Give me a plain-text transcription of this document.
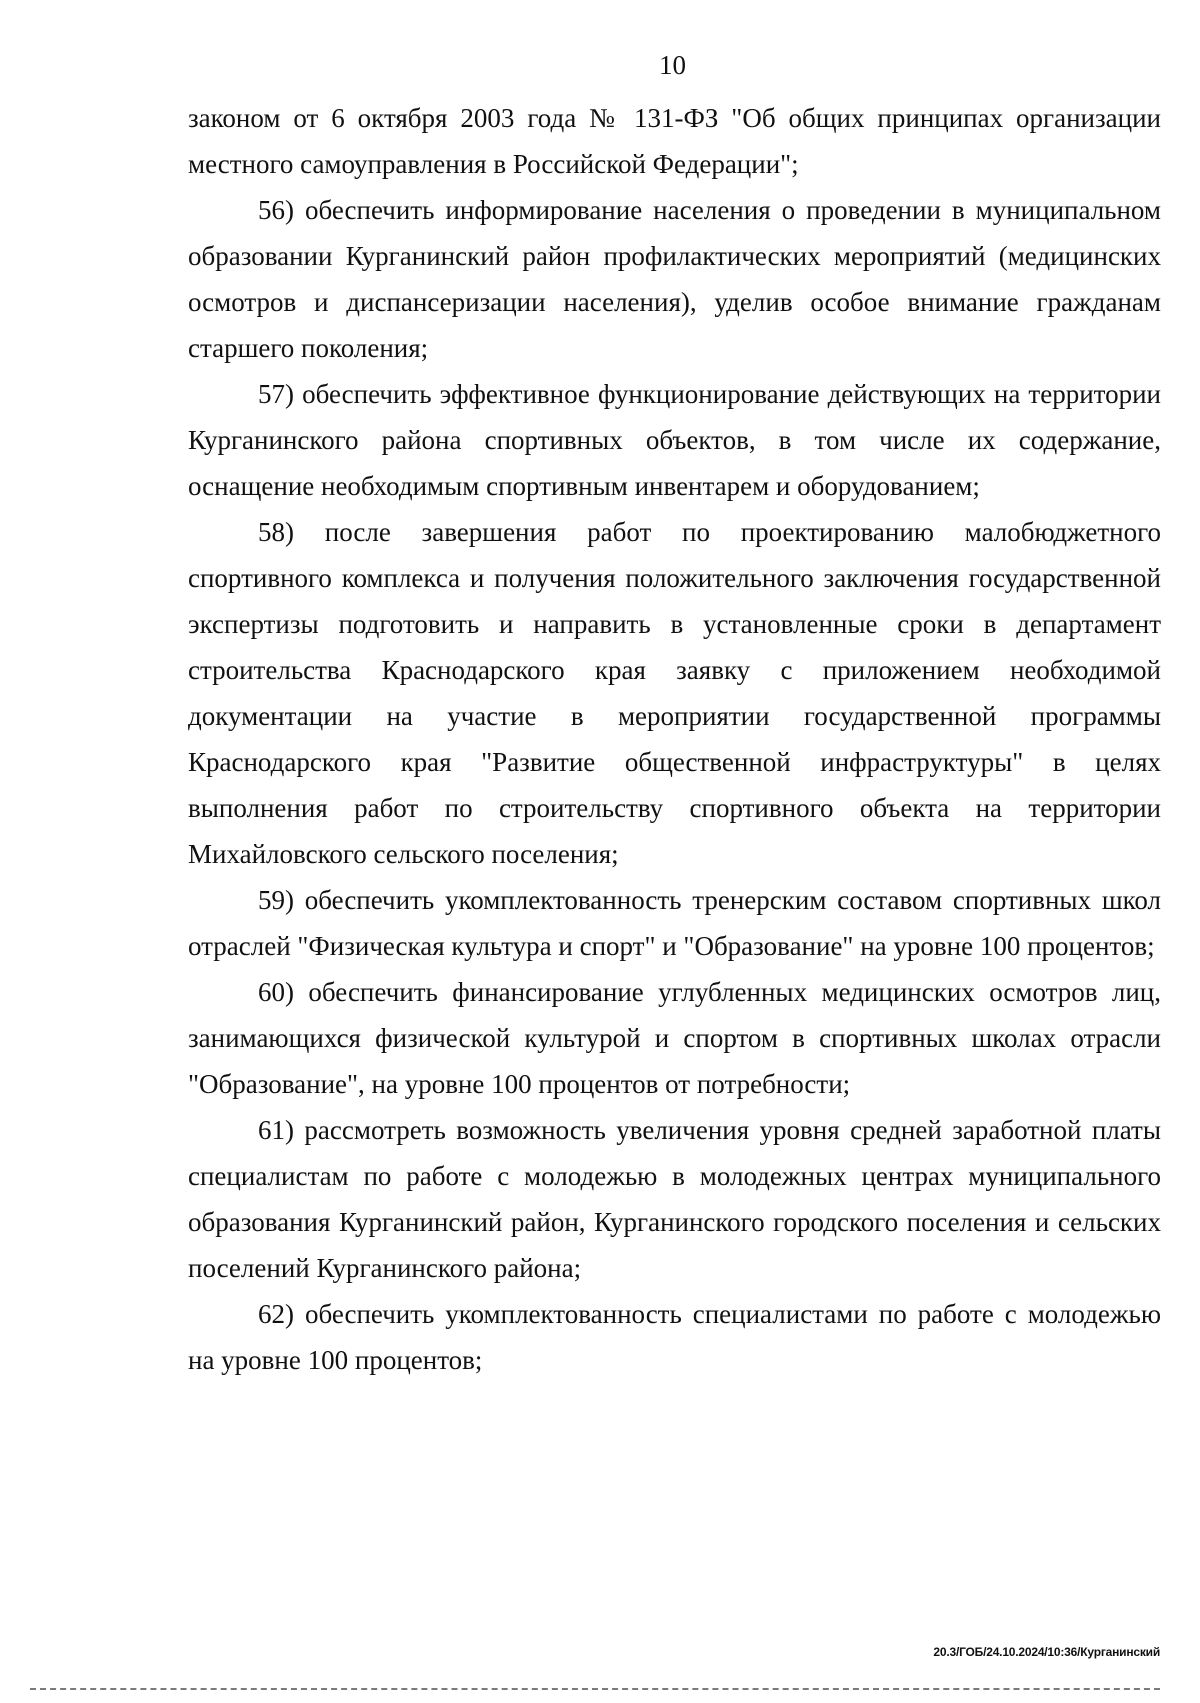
10

законом от 6 октября 2003 года № 131-ФЗ "Об общих принципах организации местного самоуправления в Российской Федерации";

56) обеспечить информирование населения о проведении в муниципальном образовании Курганинский район профилактических мероприятий (медицинских осмотров и диспансеризации населения), уделив особое внимание гражданам старшего поколения;

57) обеспечить эффективное функционирование действующих на территории Курганинского района спортивных объектов, в том числе их содержание, оснащение необходимым спортивным инвентарем и оборудованием;

58) после завершения работ по проектированию малобюджетного спортивного комплекса и получения положительного заключения государственной экспертизы подготовить и направить в установленные сроки в департамент строительства Краснодарского края заявку с приложением необходимой документации на участие в мероприятии государственной программы Краснодарского края "Развитие общественной инфраструктуры" в целях выполнения работ по строительству спортивного объекта на территории Михайловского сельского поселения;

59) обеспечить укомплектованность тренерским составом спортивных школ отраслей "Физическая культура и спорт" и "Образование" на уровне 100 процентов;

60) обеспечить финансирование углубленных медицинских осмотров лиц, занимающихся физической культурой и спортом в спортивных школах отрасли "Образование", на уровне 100 процентов от потребности;

61) рассмотреть возможность увеличения уровня средней заработной платы специалистам по работе с молодежью в молодежных центрах муниципального образования Курганинский район, Курганинского городского поселения и сельских поселений Курганинского района;

62) обеспечить укомплектованность специалистами по работе с молодежью на уровне 100 процентов;

20.3/ГОБ/24.10.2024/10:36/Курганинский
